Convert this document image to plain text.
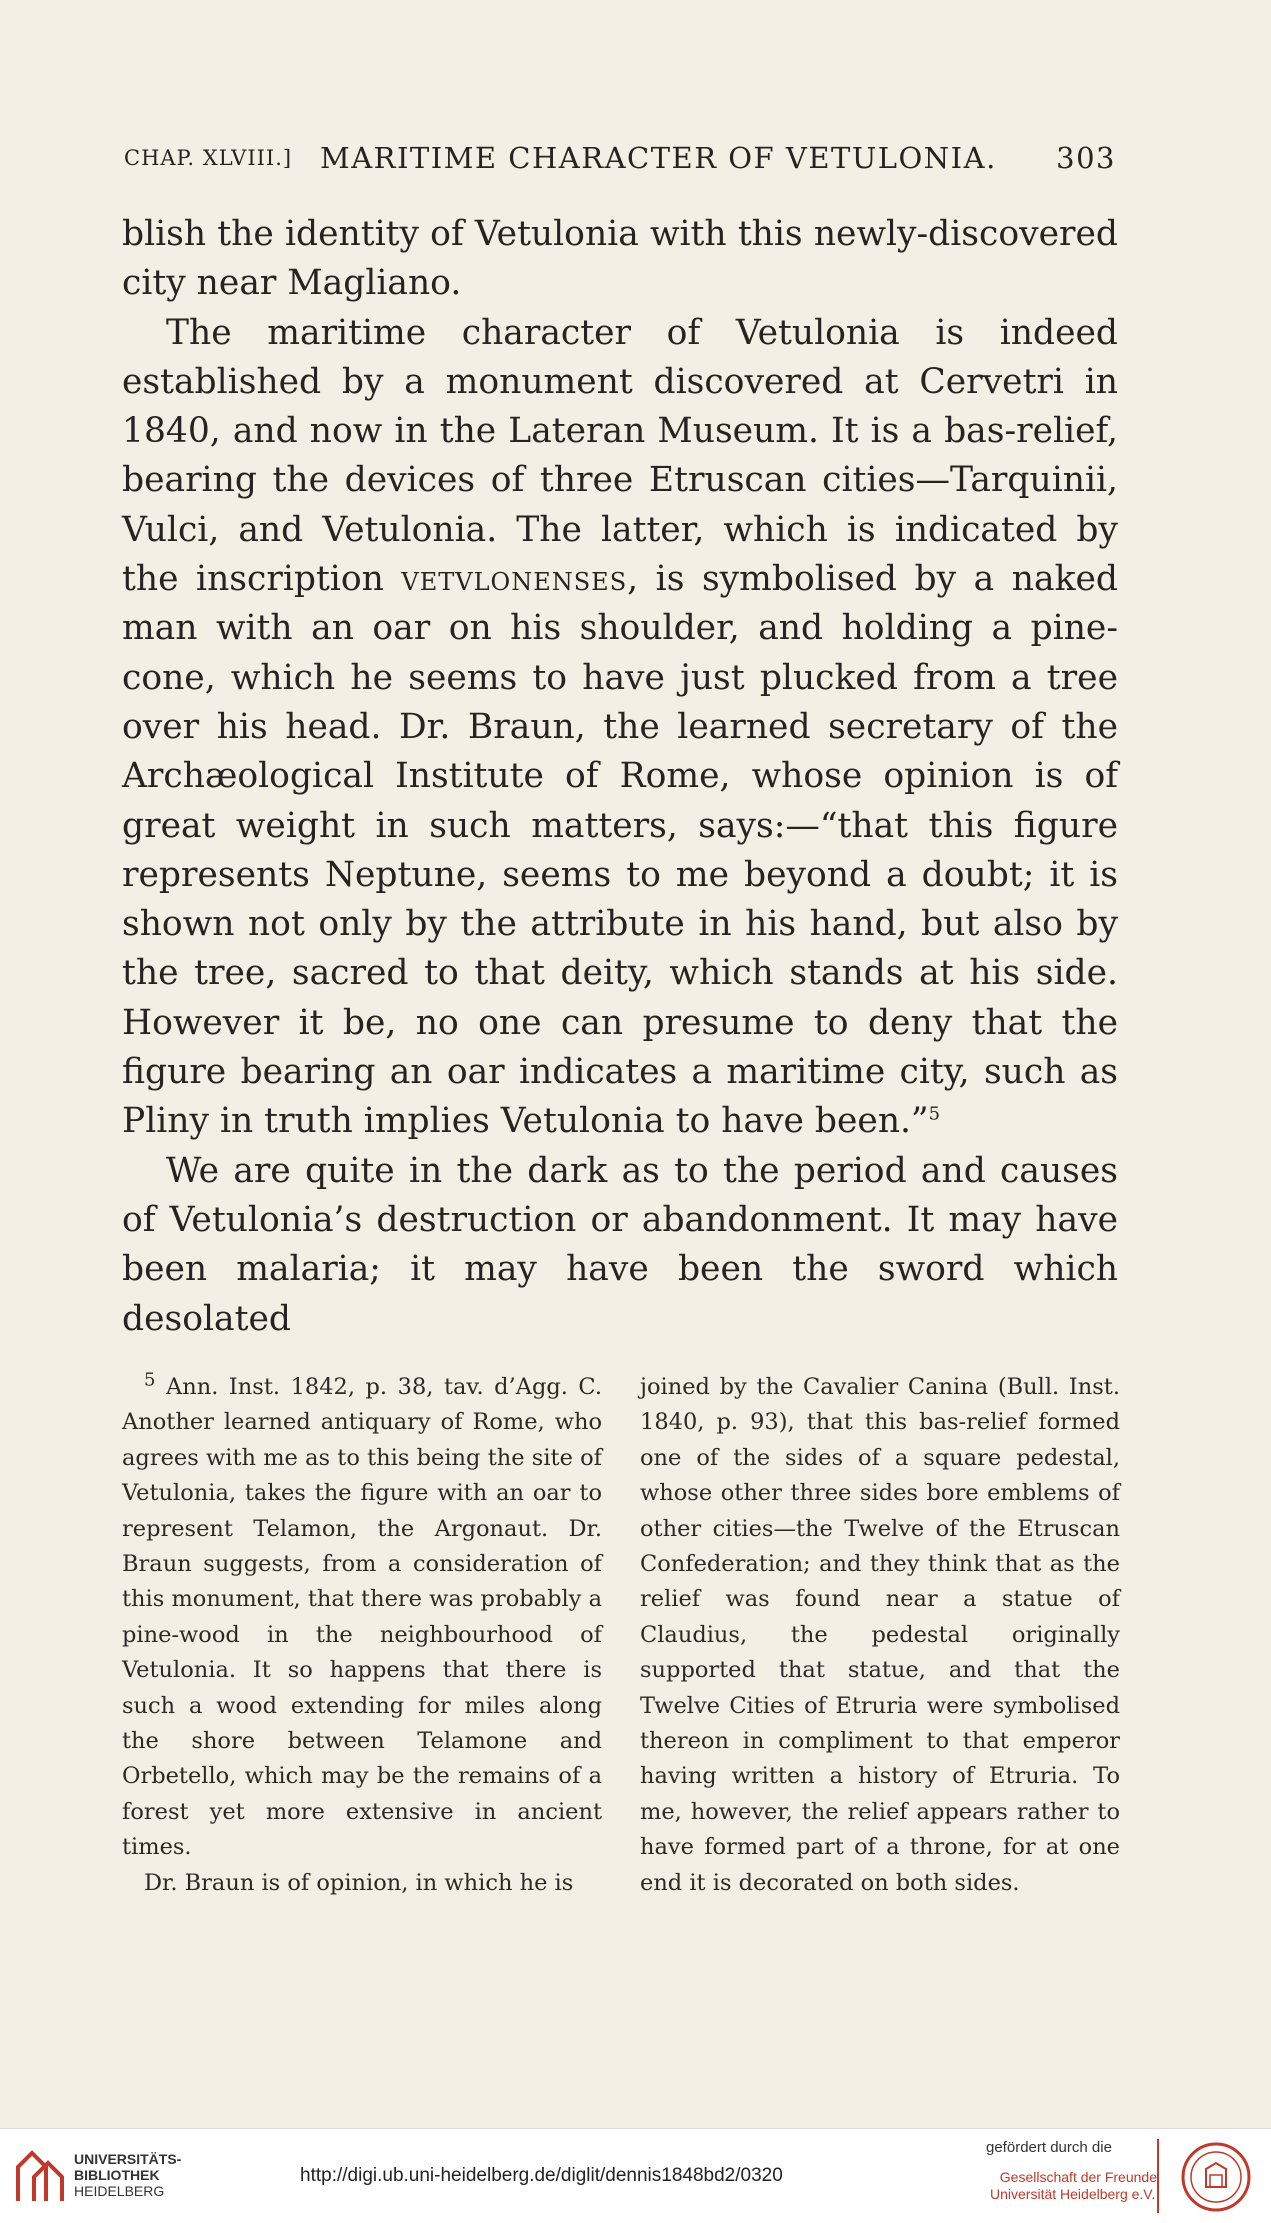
CHAP. XLVIII.] MARITIME CHARACTER OF VETULONIA. 303

blish the identity of Vetulonia with this newly-discovered city near Magliano.

The maritime character of Vetulonia is indeed established by a monument discovered at Cervetri in 1840, and now in the Lateran Museum. It is a bas-relief, bearing the devices of three Etruscan cities—Tarquinii, Vulci, and Vetulonia. The latter, which is indicated by the inscription vetvlonenses, is symbolised by a naked man with an oar on his shoulder, and holding a pine-cone, which he seems to have just plucked from a tree over his head. Dr. Braun, the learned secretary of the Archæological Institute of Rome, whose opinion is of great weight in such matters, says:—“that this figure represents Neptune, seems to me beyond a doubt; it is shown not only by the attribute in his hand, but also by the tree, sacred to that deity, which stands at his side. However it be, no one can presume to deny that the figure bearing an oar indicates a maritime city, such as Pliny in truth implies Vetulonia to have been.”$^5$

We are quite in the dark as to the period and causes of Vetulonia’s destruction or abandonment. It may have been malaria; it may have been the sword which desolated

$^5$ Ann. Inst. 1842, p. 38, tav. d’Agg. C. Another learned antiquary of Rome, who agrees with me as to this being the site of Vetulonia, takes the figure with an oar to represent Telamon, the Argonaut. Dr. Braun suggests, from a consideration of this monument, that there was probably a pine-wood in the neighbourhood of Vetulonia. It so happens that there is such a wood extending for miles along the shore between Telamone and Orbetello, which may be the remains of a forest yet more extensive in ancient times.

Dr. Braun is of opinion, in which he is

joined by the Cavalier Canina (Bull. Inst. 1840, p. 93), that this bas-relief formed one of the sides of a square pedestal, whose other three sides bore emblems of other cities—the Twelve of the Etruscan Confederation; and they think that as the relief was found near a statue of Claudius, the pedestal originally supported that statue, and that the Twelve Cities of Etruria were symbolised thereon in compliment to that emperor having written a history of Etruria. To me, however, the relief appears rather to have formed part of a throne, for at one end it is decorated on both sides.

UNIVERSITÄTS-
BIBLIOTHEK
HEIDELBERG
http://digi.ub.uni-heidelberg.de/diglit/dennis1848bd2/0320
gefördert durch die
Gesellschaft der Freunde
Universität Heidelberg e.V.
